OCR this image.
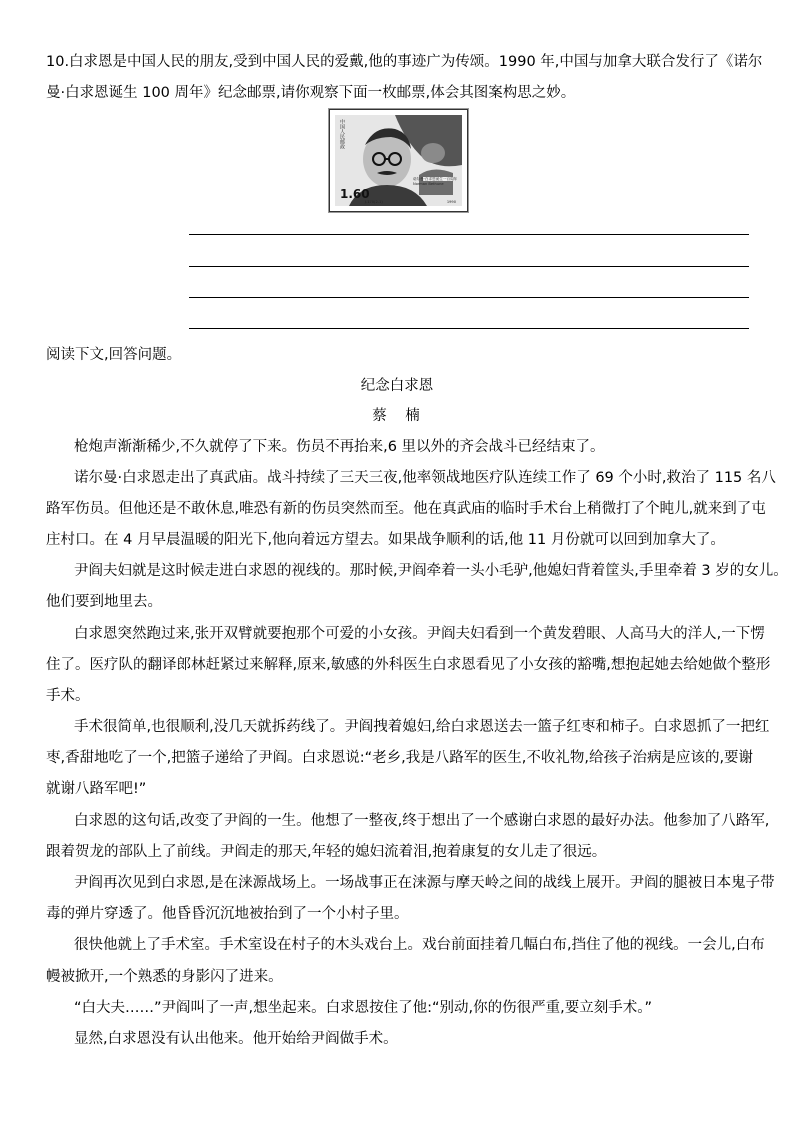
10.白求恩是中国人民的朋友,受到中国人民的爱戴,他的事迹广为传颂。1990 年,中国与加拿大联合发行了《诺尔
曼·白求恩诞生 100 周年》纪念邮票,请你观察下面一枚邮票,体会其图案构思之妙。
中国人民邮政
诺尔曼·白求恩诞生一百周年
Norman Bethune
1.60
J.170(2-1)	1990
阅读下文,回答问题。
纪念白求恩
蔡　楠
枪炮声渐渐稀少,不久就停了下来。伤员不再抬来,6 里以外的齐会战斗已经结束了。
诺尔曼·白求恩走出了真武庙。战斗持续了三天三夜,他率领战地医疗队连续工作了 69 个小时,救治了 115 名八
路军伤员。但他还是不敢休息,唯恐有新的伤员突然而至。他在真武庙的临时手术台上稍微打了个盹儿,就来到了屯
庄村口。在 4 月早晨温暖的阳光下,他向着远方望去。如果战争顺利的话,他 11 月份就可以回到加拿大了。
尹阎夫妇就是这时候走进白求恩的视线的。那时候,尹阎牵着一头小毛驴,他媳妇背着筐头,手里牵着 3 岁的女儿。
他们要到地里去。
白求恩突然跑过来,张开双臂就要抱那个可爱的小女孩。尹阎夫妇看到一个黄发碧眼、人高马大的洋人,一下愣
住了。医疗队的翻译郎林赶紧过来解释,原来,敏感的外科医生白求恩看见了小女孩的豁嘴,想抱起她去给她做个整形
手术。
手术很简单,也很顺利,没几天就拆药线了。尹阎拽着媳妇,给白求恩送去一篮子红枣和柿子。白求恩抓了一把红
枣,香甜地吃了一个,把篮子递给了尹阎。白求恩说:“老乡,我是八路军的医生,不收礼物,给孩子治病是应该的,要谢
就谢八路军吧!”
白求恩的这句话,改变了尹阎的一生。他想了一整夜,终于想出了一个感谢白求恩的最好办法。他参加了八路军,
跟着贺龙的部队上了前线。尹阎走的那天,年轻的媳妇流着泪,抱着康复的女儿走了很远。
尹阎再次见到白求恩,是在涞源战场上。一场战事正在涞源与摩天岭之间的战线上展开。尹阎的腿被日本鬼子带
毒的弹片穿透了。他昏昏沉沉地被抬到了一个小村子里。
很快他就上了手术室。手术室设在村子的木头戏台上。戏台前面挂着几幅白布,挡住了他的视线。一会儿,白布
幔被掀开,一个熟悉的身影闪了进来。
“白大夫……”尹阎叫了一声,想坐起来。白求恩按住了他:“别动,你的伤很严重,要立刻手术。”
显然,白求恩没有认出他来。他开始给尹阎做手术。
